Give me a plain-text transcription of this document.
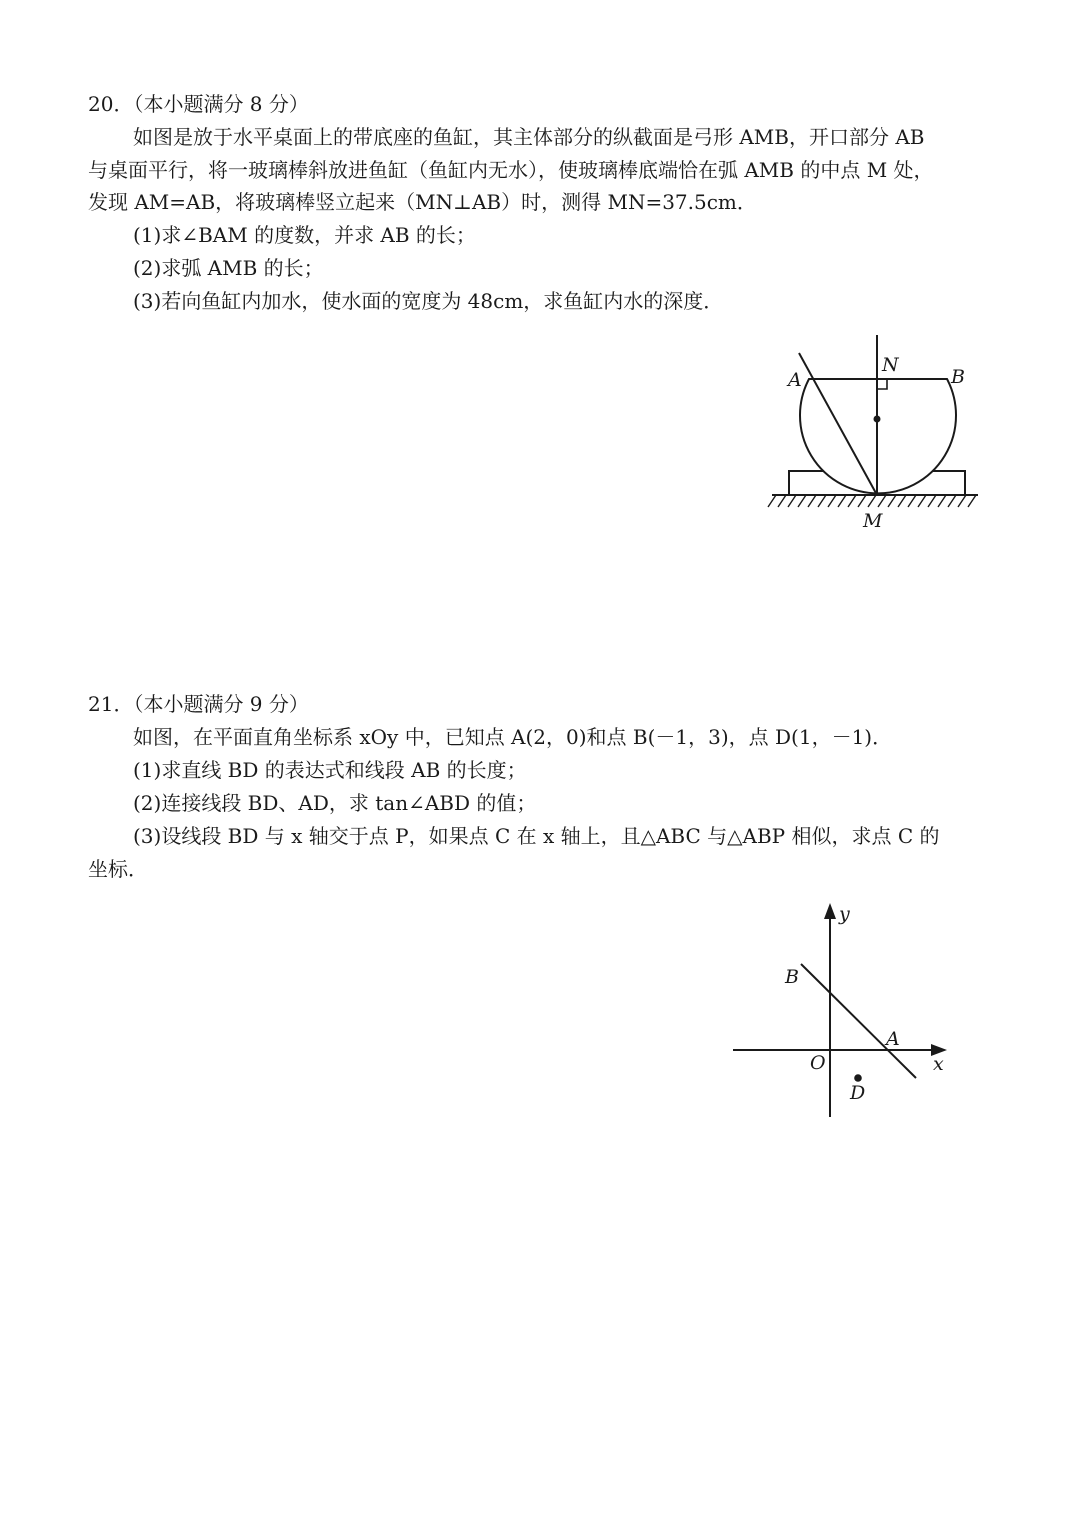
20．（本小题满分 8 分）
如图是放于水平桌面上的带底座的鱼缸，其主体部分的纵截面是弓形 AMB，开口部分 AB
与桌面平行，将一玻璃棒斜放进鱼缸（鱼缸内无水），使玻璃棒底端恰在弧 AMB 的中点 M 处，
发现 AM=AB，将玻璃棒竖立起来（MN⊥AB）时，测得 MN=37.5cm．
(1)求∠BAM 的度数，并求 AB 的长；
(2)求弧 AMB 的长；
(3)若向鱼缸内加水，使水面的宽度为 48cm，求鱼缸内水的深度．
A
N
B
M
21．（本小题满分 9 分）
如图，在平面直角坐标系 xOy 中，已知点 A(2，0)和点 B(－1，3)，点 D(1，－1)．
(1)求直线 BD 的表达式和线段 AB 的长度；
(2)连接线段 BD、AD，求 tan∠ABD 的值；
(3)设线段 BD 与 x 轴交于点 P，如果点 C 在 x 轴上，且△ABC 与△ABP 相似，求点 C 的
坐标．
y
B
A
O	x
D
